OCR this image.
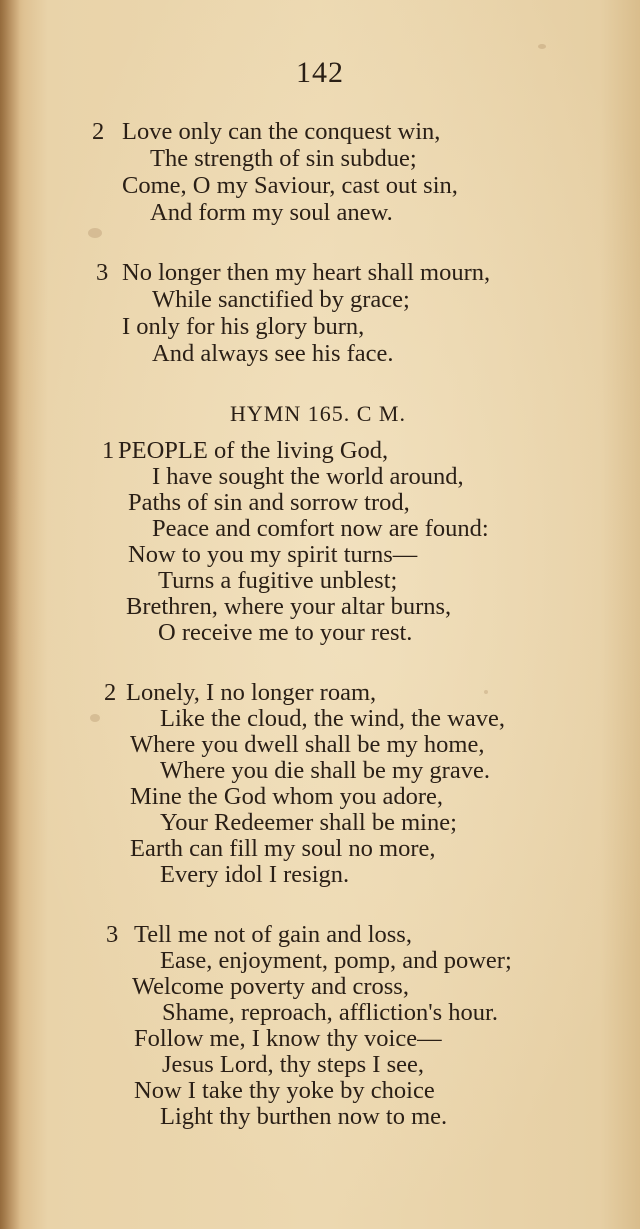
142
2 Love only can the conquest win,
The strength of sin subdue;
Come, O my Saviour, cast out sin,
And form my soul anew.
3 No longer then my heart shall mourn,
While sanctified by grace;
I only for his glory burn,
And always see his face.
HYMN 165. C M.
1 PEOPLE of the living God,
I have sought the world around,
Paths of sin and sorrow trod,
Peace and comfort now are found:
Now to you my spirit turns—
Turns a fugitive unblest;
Brethren, where your altar burns,
O receive me to your rest.
2 Lonely, I no longer roam,
Like the cloud, the wind, the wave,
Where you dwell shall be my home,
Where you die shall be my grave.
Mine the God whom you adore,
Your Redeemer shall be mine;
Earth can fill my soul no more,
Every idol I resign.
3 Tell me not of gain and loss,
Ease, enjoyment, pomp, and power;
Welcome poverty and cross,
Shame, reproach, affliction's hour.
Follow me, I know thy voice—
Jesus Lord, thy steps I see,
Now I take thy yoke by choice
Light thy burthen now to me.
